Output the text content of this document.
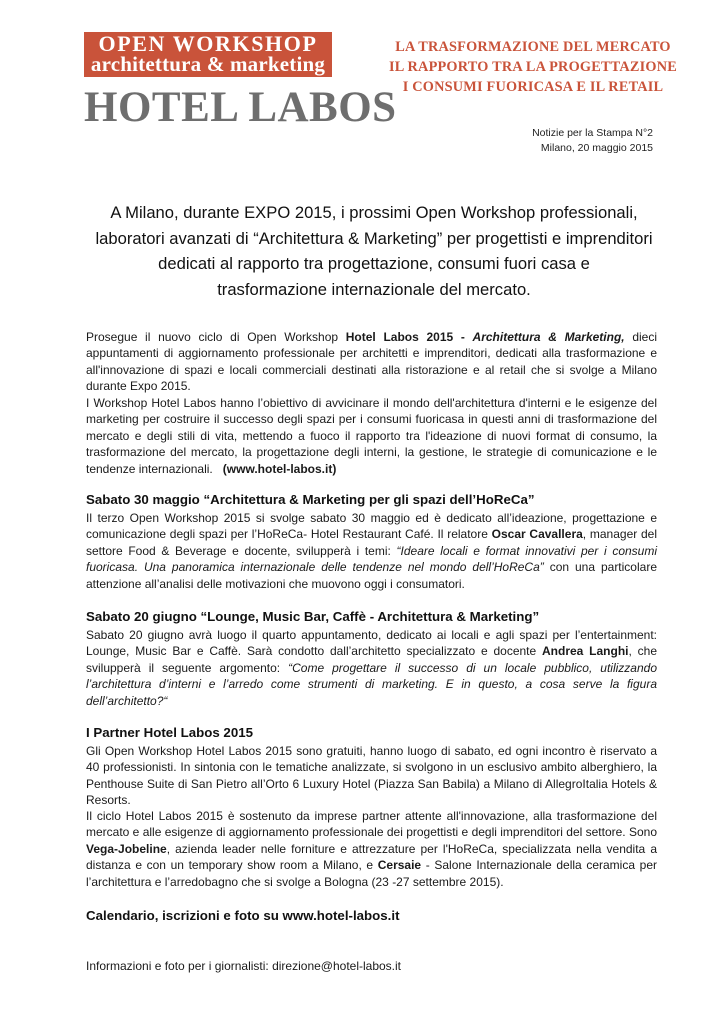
OPEN WORKSHOP
architettura & marketing
HOTEL LABOS
LA TRASFORMAZIONE DEL MERCATO
IL RAPPORTO TRA LA PROGETTAZIONE
I CONSUMI FUORICASA E IL RETAIL
Notizie per la Stampa N°2
Milano, 20 maggio 2015
A Milano, durante EXPO 2015, i prossimi Open Workshop professionali,
laboratori avanzati di “Architettura & Marketing” per progettisti e imprenditori
dedicati al rapporto tra progettazione, consumi fuori casa e
trasformazione internazionale del mercato.
Prosegue il nuovo ciclo di Open Workshop Hotel Labos 2015 - Architettura & Marketing, dieci appuntamenti di aggiornamento professionale per architetti e imprenditori, dedicati alla trasformazione e all'innovazione di spazi e locali commerciali destinati alla ristorazione e al retail che si svolge a Milano durante Expo 2015.
I Workshop Hotel Labos hanno l’obiettivo di avvicinare il mondo dell'architettura d'interni e le esigenze del marketing per costruire il successo degli spazi per i consumi fuoricasa in questi anni di trasformazione del mercato e degli stili di vita, mettendo a fuoco il rapporto tra l'ideazione di nuovi format di consumo, la trasformazione del mercato, la progettazione degli interni, la gestione, le strategie di comunicazione e le tendenze internazionali. (www.hotel-labos.it)
Sabato 30 maggio “Architettura & Marketing per gli spazi dell’HoReCa”
Il terzo Open Workshop 2015 si svolge sabato 30 maggio ed è dedicato all’ideazione, progettazione e comunicazione degli spazi per l’HoReCa- Hotel Restaurant Café. Il relatore Oscar Cavallera, manager del settore Food & Beverage e docente, svilupperà i temi: “Ideare locali e format innovativi per i consumi fuoricasa. Una panoramica internazionale delle tendenze nel mondo dell’HoReCa” con una particolare attenzione all’analisi delle motivazioni che muovono oggi i consumatori.
Sabato 20 giugno “Lounge, Music Bar, Caffè - Architettura & Marketing”
Sabato 20 giugno avrà luogo il quarto appuntamento, dedicato ai locali e agli spazi per l’entertainment: Lounge, Music Bar e Caffè. Sarà condotto dall’architetto specializzato e docente Andrea Langhi, che svilupperà il seguente argomento: “Come progettare il successo di un locale pubblico, utilizzando l’architettura d’interni e l’arredo come strumenti di marketing. E in questo, a cosa serve la figura dell’architetto?“
I Partner Hotel Labos 2015
Gli Open Workshop Hotel Labos 2015 sono gratuiti, hanno luogo di sabato, ed ogni incontro è riservato a 40 professionisti. In sintonia con le tematiche analizzate, si svolgono in un esclusivo ambito alberghiero, la Penthouse Suite di San Pietro all’Orto 6 Luxury Hotel (Piazza San Babila) a Milano di AllegroItalia Hotels & Resorts.
Il ciclo Hotel Labos 2015 è sostenuto da imprese partner attente all'innovazione, alla trasformazione del mercato e alle esigenze di aggiornamento professionale dei progettisti e degli imprenditori del settore. Sono Vega-Jobeline, azienda leader nelle forniture e attrezzature per l'HoReCa, specializzata nella vendita a distanza e con un temporary show room a Milano, e Cersaie - Salone Internazionale della ceramica per l’architettura e l’arredobagno che si svolge a Bologna (23 -27 settembre 2015).
Calendario, iscrizioni e foto su www.hotel-labos.it
Informazioni e foto per i giornalisti: direzione@hotel-labos.it
